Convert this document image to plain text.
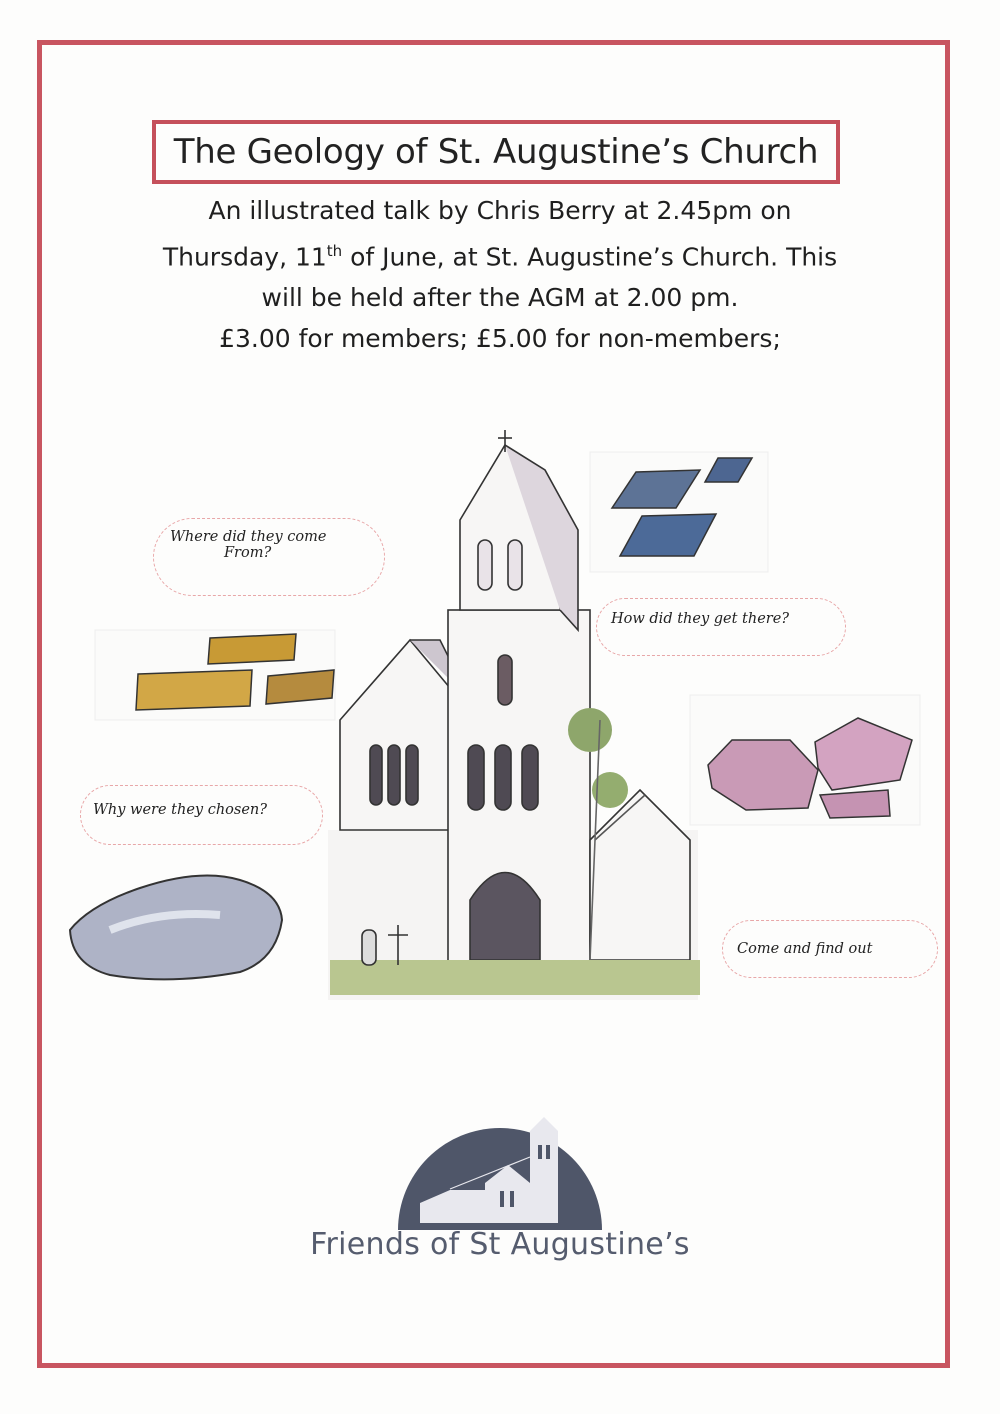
The Geology of St. Augustine’s Church
An illustrated talk by Chris Berry at 2.45pm on
Thursday, 11th of June, at St. Augustine’s Church. This
will be held after the AGM at 2.00 pm.
£3.00 for members; £5.00 for non-members;
Where did they come
From?
How did they get there?
Why were they chosen?
Come and find out
Friends of St Augustine’s
